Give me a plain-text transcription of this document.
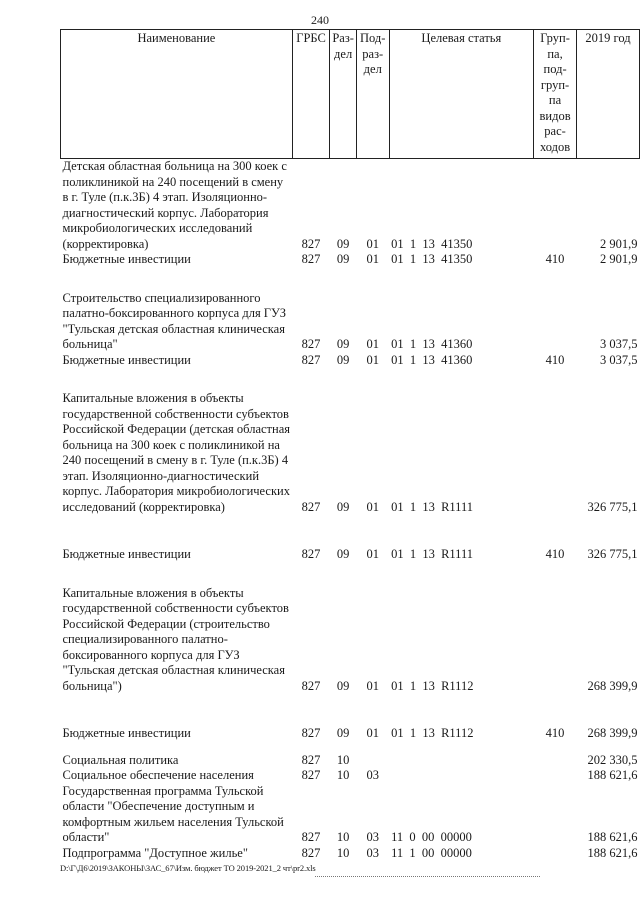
240
Наименование	ГРБС	Раз-дел	Под-раз-дел	Целевая статья	Груп-па, под-груп-па видов рас-ходов	2019 год
Детская областная больница на 300 коек с поликлиникой на 240 посещений в смену в г. Туле (п.к.3Б) 4 этап. Изоляционно-диагностический корпус. Лаборатория микробиологических исследований (корректировка)	827	09	01	01  1  13  41350		2 901,9
Бюджетные инвестиции	827	09	01	01  1  13  41350	410	2 901,9

Строительство специализированного палатно-боксированного корпуса для ГУЗ "Тульская детская областная клиническая больница"	827	09	01	01  1  13  41360		3 037,5
Бюджетные инвестиции	827	09	01	01  1  13  41360	410	3 037,5

Капитальные вложения в объекты государственной собственности субъектов Российской Федерации (детская областная больница на 300 коек с поликлиникой на 240 посещений в смену в г. Туле (п.к.3Б) 4 этап. Изоляционно-диагностический корпус. Лаборатория микробиологических исследований (корректировка)	827	09	01	01  1  13  R1111		326 775,1

Бюджетные инвестиции	827	09	01	01  1  13  R1111	410	326 775,1

Капитальные вложения в объекты государственной собственности субъектов Российской Федерации (строительство специализированного палатно-боксированного корпуса для ГУЗ "Тульская детская областная клиническая больница")	827	09	01	01  1  13  R1112		268 399,9

Бюджетные инвестиции	827	09	01	01  1  13  R1112	410	268 399,9

Социальная политика	827	10				202 330,5
Социальное обеспечение населения	827	10	03			188 621,6
Государственная программа Тульской области "Обеспечение доступным и комфортным жильем населения Тульской области"	827	10	03	11  0  00  00000		188 621,6
Подпрограмма "Доступное жилье"	827	10	03	11  1  00  00000		188 621,6
D:\Г\Д6\2019\ЗАКОНЫ\ЗАС_67\Изм. бюджет ТО 2019-2021_2 чт\pr2.xls
